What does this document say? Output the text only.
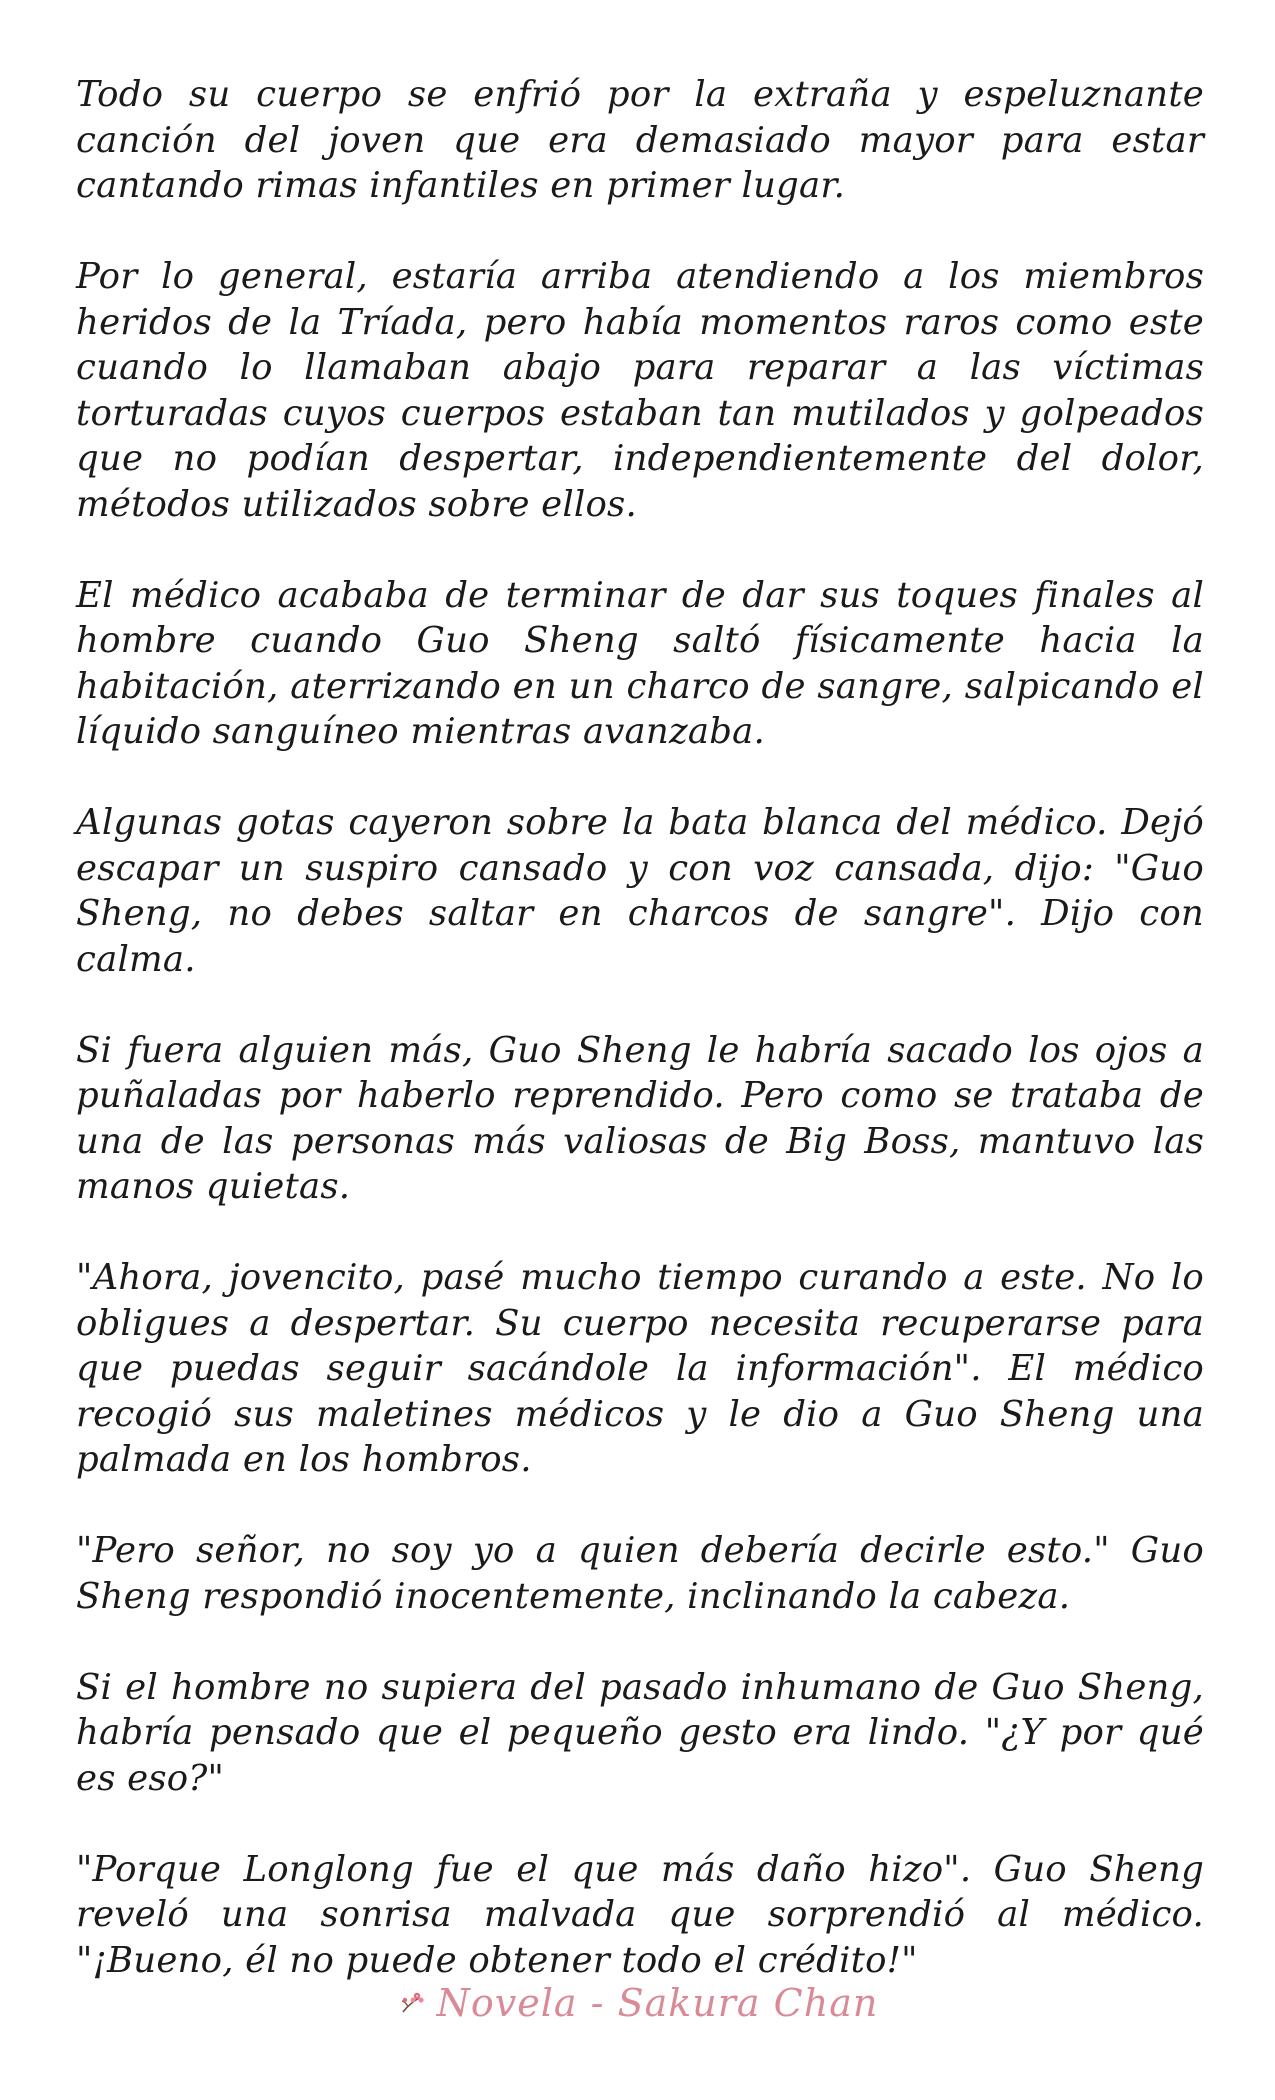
Todo su cuerpo se enfrió por la extraña y espeluznante canción del joven que era demasiado mayor para estar cantando rimas infantiles en primer lugar.

Por lo general, estaría arriba atendiendo a los miembros heridos de la Tríada, pero había momentos raros como este cuando lo llamaban abajo para reparar a las víctimas torturadas cuyos cuerpos estaban tan mutilados y golpeados que no podían despertar, independientemente del dolor, métodos utilizados sobre ellos.

El médico acababa de terminar de dar sus toques finales al hombre cuando Guo Sheng saltó físicamente hacia la habitación, aterrizando en un charco de sangre, salpicando el líquido sanguíneo mientras avanzaba.

Algunas gotas cayeron sobre la bata blanca del médico. Dejó escapar un suspiro cansado y con voz cansada, dijo: "Guo Sheng, no debes saltar en charcos de sangre". Dijo con calma.

Si fuera alguien más, Guo Sheng le habría sacado los ojos a puñaladas por haberlo reprendido. Pero como se trataba de una de las personas más valiosas de Big Boss, mantuvo las manos quietas.

"Ahora, jovencito, pasé mucho tiempo curando a este. No lo obligues a despertar. Su cuerpo necesita recuperarse para que puedas seguir sacándole la información". El médico recogió sus maletines médicos y le dio a Guo Sheng una palmada en los hombros.

"Pero señor, no soy yo a quien debería decirle esto." Guo Sheng respondió inocentemente, inclinando la cabeza.

Si el hombre no supiera del pasado inhumano de Guo Sheng, habría pensado que el pequeño gesto era lindo. "¿Y por qué es eso?"

"Porque Longlong fue el que más daño hizo". Guo Sheng reveló una sonrisa malvada que sorprendió al médico. "¡Bueno, él no puede obtener todo el crédito!"

Novela - Sakura Chan
